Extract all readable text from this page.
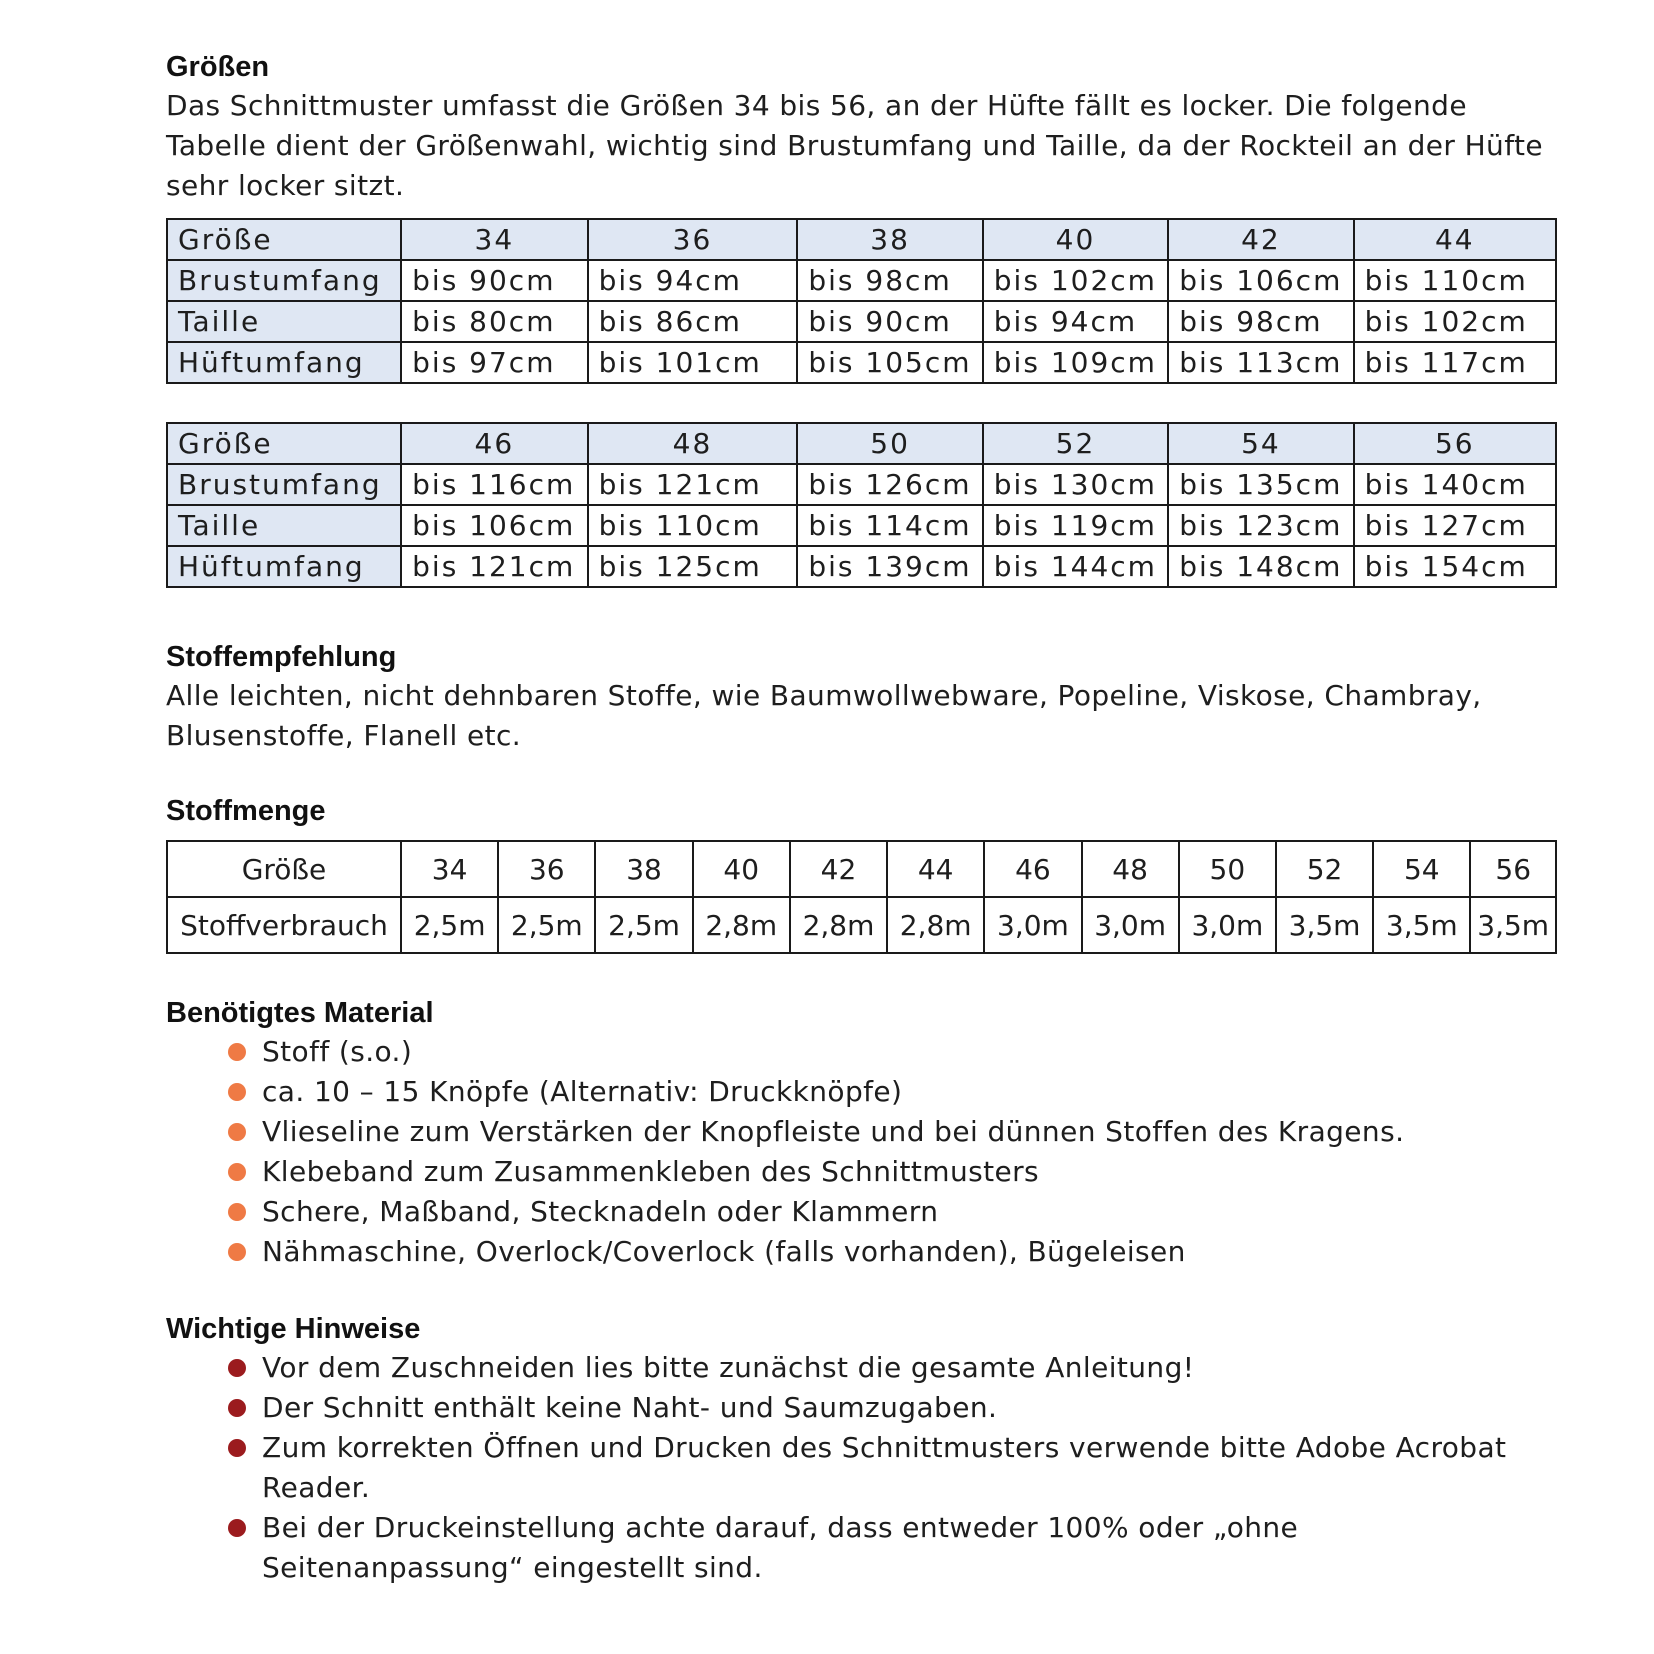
Größen

Das Schnittmuster umfasst die Größen 34 bis 56, an der Hüfte fällt es locker. Die folgende Tabelle dient der Größenwahl, wichtig sind Brustumfang und Taille, da der Rockteil an der Hüfte sehr locker sitzt.

Größe	34	36	38	40	42	44
Brustumfang	bis 90cm	bis 94cm	bis 98cm	bis 102cm	bis 106cm	bis 110cm
Taille	bis 80cm	bis 86cm	bis 90cm	bis 94cm	bis 98cm	bis 102cm
Hüftumfang	bis 97cm	bis 101cm	bis 105cm	bis 109cm	bis 113cm	bis 117cm
Größe	46	48	50	52	54	56
Brustumfang	bis 116cm	bis 121cm	bis 126cm	bis 130cm	bis 135cm	bis 140cm
Taille	bis 106cm	bis 110cm	bis 114cm	bis 119cm	bis 123cm	bis 127cm
Hüftumfang	bis 121cm	bis 125cm	bis 139cm	bis 144cm	bis 148cm	bis 154cm
Stoffempfehlung

Alle leichten, nicht dehnbaren Stoffe, wie Baumwollwebware, Popeline, Viskose, Chambray, Blusenstoffe, Flanell etc.

Stoffmenge
Größe	34	36	38	40	42	44	46	48	50	52	54	56
Stoffverbrauch	2,5m	2,5m	2,5m	2,8m	2,8m	2,8m	3,0m	3,0m	3,0m	3,5m	3,5m	3,5m
Benötigtes Material
Stoff (s.o.)
ca. 10 – 15 Knöpfe (Alternativ: Druckknöpfe)
Vlieseline zum Verstärken der Knopfleiste und bei dünnen Stoffen des Kragens.
Klebeband zum Zusammenkleben des Schnittmusters
Schere, Maßband, Stecknadeln oder Klammern
Nähmaschine, Overlock/Coverlock (falls vorhanden), Bügeleisen
Wichtige Hinweise
Vor dem Zuschneiden lies bitte zunächst die gesamte Anleitung!
Der Schnitt enthält keine Naht- und Saumzugaben.
Zum korrekten Öffnen und Drucken des Schnittmusters verwende bitte Adobe Acrobat Reader.
Bei der Druckeinstellung achte darauf, dass entweder 100% oder „ohne Seitenanpassung“ eingestellt sind.
